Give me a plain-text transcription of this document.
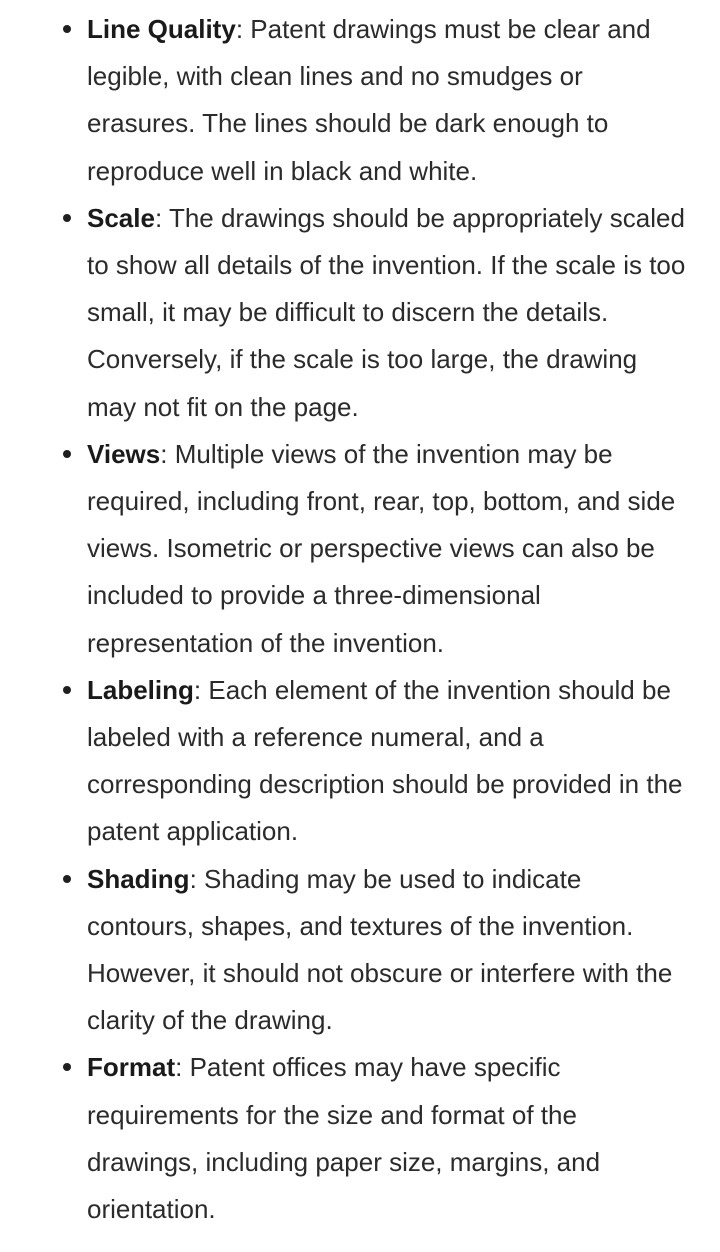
Line Quality: Patent drawings must be clear and legible, with clean lines and no smudges or erasures. The lines should be dark enough to reproduce well in black and white.
Scale: The drawings should be appropriately scaled to show all details of the invention. If the scale is too small, it may be difficult to discern the details. Conversely, if the scale is too large, the drawing may not fit on the page.
Views: Multiple views of the invention may be required, including front, rear, top, bottom, and side views. Isometric or perspective views can also be included to provide a three-dimensional representation of the invention.
Labeling: Each element of the invention should be labeled with a reference numeral, and a corresponding description should be provided in the patent application.
Shading: Shading may be used to indicate contours, shapes, and textures of the invention. However, it should not obscure or interfere with the clarity of the drawing.
Format: Patent offices may have specific requirements for the size and format of the drawings, including paper size, margins, and orientation.
